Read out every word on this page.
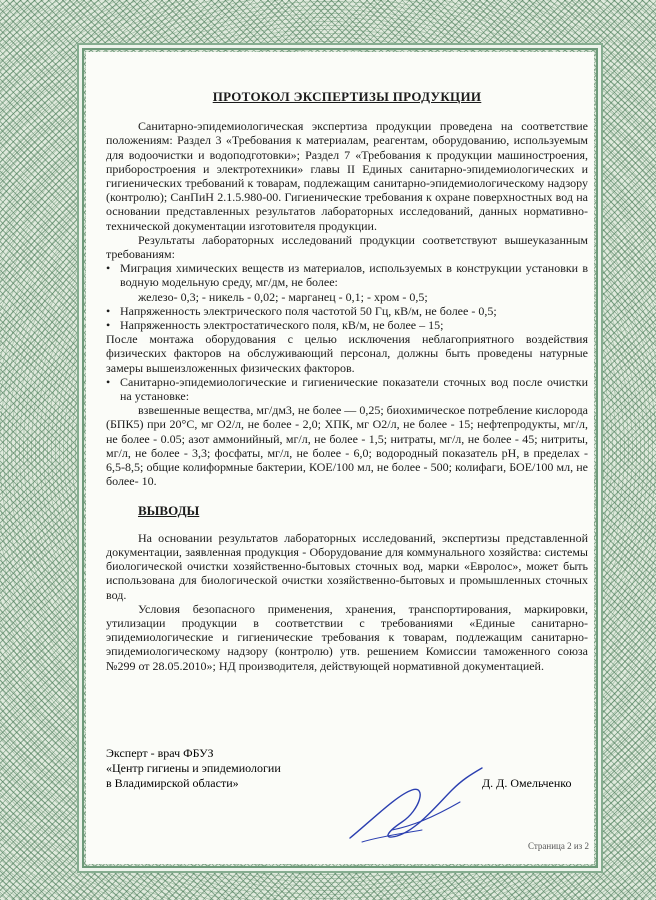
ПРОТОКОЛ ЭКСПЕРТИЗЫ ПРОДУКЦИИ

Санитарно-эпидемиологическая экспертиза продукции проведена на соответствие положениям: Раздел 3 «Требования к материалам, реагентам, оборудованию, используемым для водоочистки и водоподготовки»; Раздел 7 «Требования к продукции машиностроения, приборостроения и электротехники» главы II Единых санитарно-эпидемиологических и гигиенических требований к товарам, подлежащим санитарно-эпидемиологическому надзору (контролю); СанПиН 2.1.5.980-00. Гигиенические требования к охране поверхностных вод на основании представленных результатов лабораторных исследований, данных нормативно-технической документации изготовителя продукции.

Результаты лабораторных исследований продукции соответствуют вышеуказанным требованиям:

• Миграция химических веществ из материалов, используемых в конструкции установки в водную модельную среду, мг/дм, не более:
железо- 0,3; - никель - 0,02; - марганец - 0,1; - хром - 0,5;
• Напряженность электрического поля частотой 50 Гц, кВ/м, не более - 0,5;
• Напряженность электростатического поля, кВ/м, не более – 15;

После монтажа оборудования с целью исключения неблагоприятного воздействия физических факторов на обслуживающий персонал, должны быть проведены натурные замеры вышеизложенных физических факторов.

• Санитарно-эпидемиологические и гигиенические показатели сточных вод после очистки на установке:

взвешенные вещества, мг/дм3, не более — 0,25; биохимическое потребление кислорода (БПК5) при 20°С, мг О2/л, не более - 2,0; ХПК, мг О2/л, не более - 15; нефтепродукты, мг/л, не более - 0.05; азот аммонийный, мг/л, не более - 1,5; нитраты, мг/л, не более - 45; нитриты, мг/л, не более - 3,3; фосфаты, мг/л, не более - 6,0; водородный показатель рН, в пределах - 6,5-8,5; общие колиформные бактерии, КОЕ/100 мл, не более - 500; колифаги, БОЕ/100 мл, не более- 10.

ВЫВОДЫ

На основании результатов лабораторных исследований, экспертизы представленной документации, заявленная продукция - Оборудование для коммунального хозяйства: системы биологической очистки хозяйственно-бытовых сточных вод, марки «Евролос», может быть использована для биологической очистки хозяйственно-бытовых и промышленных сточных вод.

Условия безопасного применения, хранения, транспортирования, маркировки, утилизации продукции в соответствии с требованиями «Единые санитарно-эпидемиологические и гигиенические требования к товарам, подлежащим санитарно-эпидемиологическому надзору (контролю) утв. решением Комиссии таможенного союза №299 от 28.05.2010»; НД производителя, действующей нормативной документацией.

Эксперт - врач ФБУЗ
«Центр гигиены и эпидемиологии
в Владимирской области»	Д. Д. Омельченко
Страница 2 из 2
